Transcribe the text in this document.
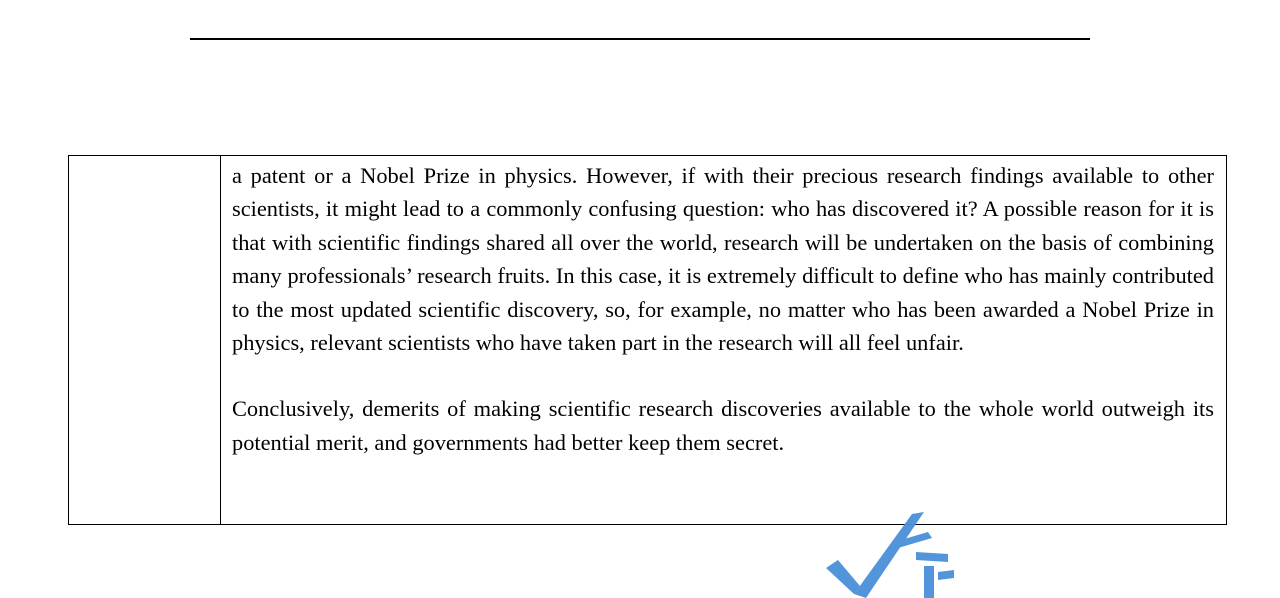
a patent or a Nobel Prize in physics. However, if with their precious research findings available to other scientists, it might lead to a commonly confusing question: who has discovered it? A possible reason for it is that with scientific findings shared all over the world, research will be undertaken on the basis of combining many professionals’ research fruits. In this case, it is extremely difficult to define who has mainly contributed to the most updated scientific discovery, so, for example, no matter who has been awarded a Nobel Prize in physics, relevant scientists who have taken part in the research will all feel unfair.

Conclusively, demerits of making scientific research discoveries available to the whole world outweigh its potential merit, and governments had better keep them secret.
